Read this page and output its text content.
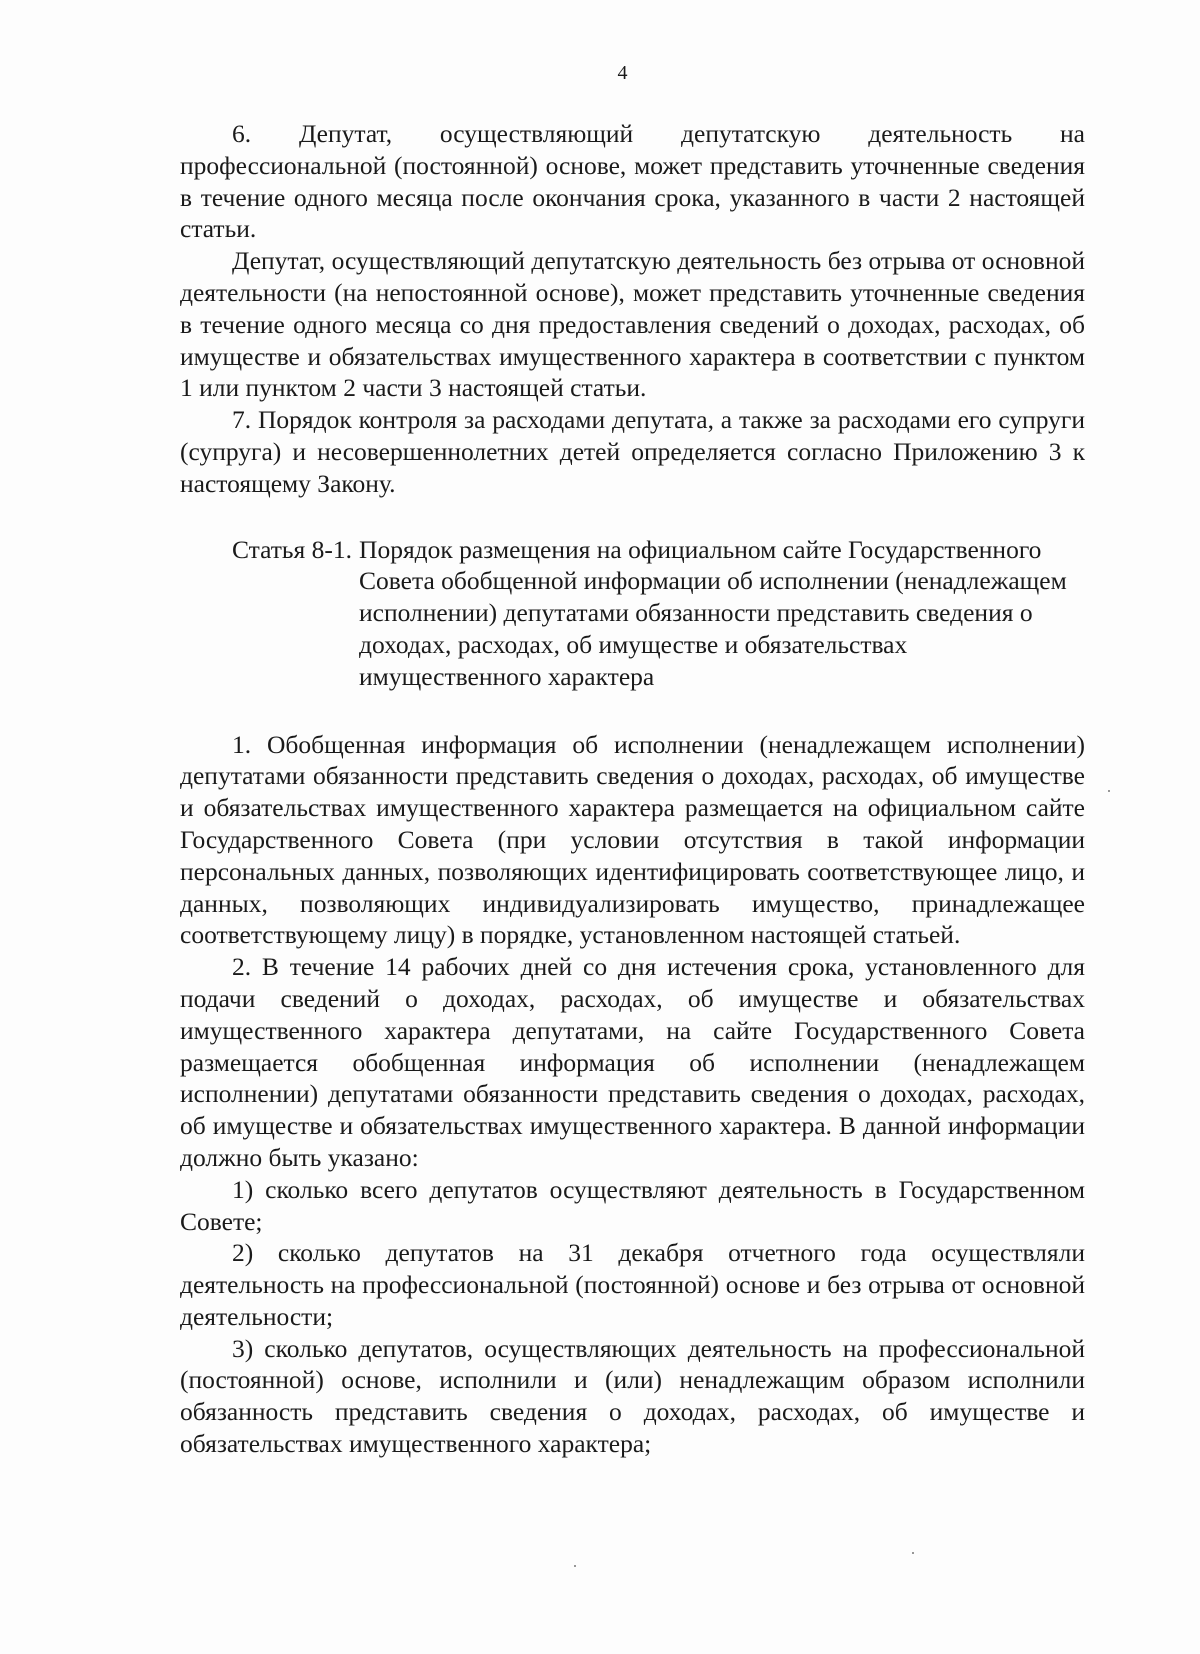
4

6. Депутат, осуществляющий депутатскую деятельность на профессиональной (постоянной) основе, может представить уточненные сведения в течение одного месяца после окончания срока, указанного в части 2 настоящей статьи.

Депутат, осуществляющий депутатскую деятельность без отрыва от основной деятельности (на непостоянной основе), может представить уточненные сведения в течение одного месяца со дня предоставления сведений о доходах, расходах, об имуществе и обязательствах имущественного характера в соответствии с пунктом 1 или пунктом 2 части 3 настоящей статьи.

7. Порядок контроля за расходами депутата, а также за расходами его супруги (супруга) и несовершеннолетних детей определяется согласно Приложению 3 к настоящему Закону.

Статья 8-1. Порядок размещения на официальном сайте Государственного Совета обобщенной информации об исполнении (ненадлежащем исполнении) депутатами обязанности представить сведения о доходах, расходах, об имуществе и обязательствах имущественного характера

1. Обобщенная информация об исполнении (ненадлежащем исполнении) депутатами обязанности представить сведения о доходах, расходах, об имуществе и обязательствах имущественного характера размещается на официальном сайте Государственного Совета (при условии отсутствия в такой информации персональных данных, позволяющих идентифицировать соответствующее лицо, и данных, позволяющих индивидуализировать имущество, принадлежащее соответствующему лицу) в порядке, установленном настоящей статьей.

2. В течение 14 рабочих дней со дня истечения срока, установленного для подачи сведений о доходах, расходах, об имуществе и обязательствах имущественного характера депутатами, на сайте Государственного Совета размещается обобщенная информация об исполнении (ненадлежащем исполнении) депутатами обязанности представить сведения о доходах, расходах, об имуществе и обязательствах имущественного характера. В данной информации должно быть указано:

1) сколько всего депутатов осуществляют деятельность в Государственном Совете;

2) сколько депутатов на 31 декабря отчетного года осуществляли деятельность на профессиональной (постоянной) основе и без отрыва от основной деятельности;

3) сколько депутатов, осуществляющих деятельность на профессиональной (постоянной) основе, исполнили и (или) ненадлежащим образом исполнили обязанность представить сведения о доходах, расходах, об имуществе и обязательствах имущественного характера;
